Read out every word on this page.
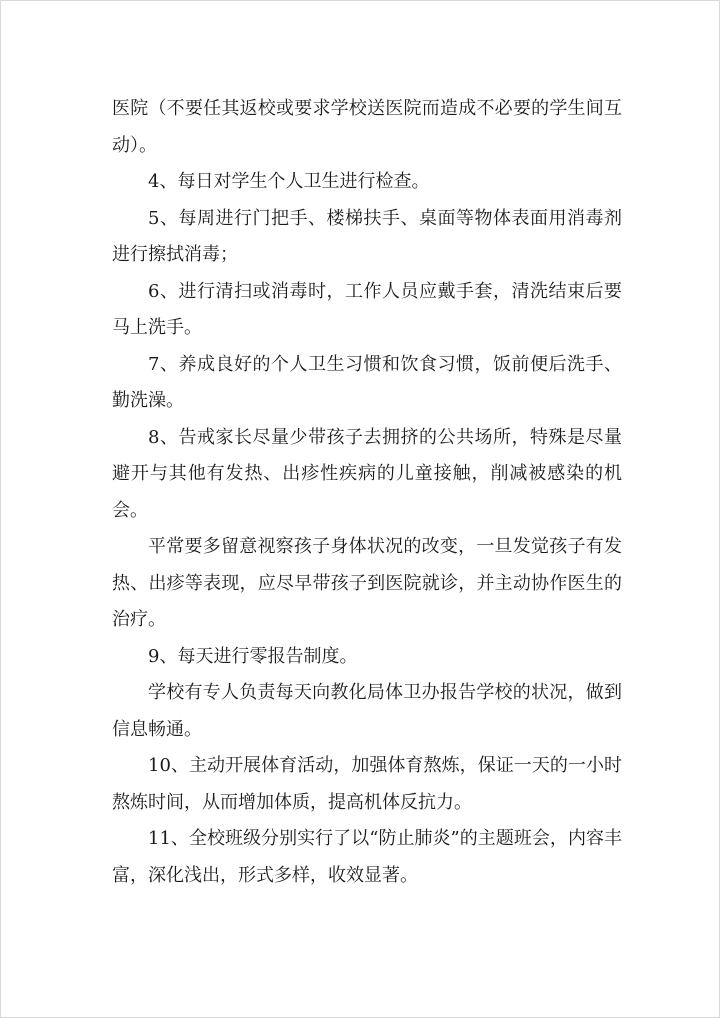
医院（不要任其返校或要求学校送医院而造成不必要的学生间互动）。

4、每日对学生个人卫生进行检查。

5、每周进行门把手、楼梯扶手、桌面等物体表面用消毒剂进行擦拭消毒；

6、进行清扫或消毒时，工作人员应戴手套，清洗结束后要马上洗手。

7、养成良好的个人卫生习惯和饮食习惯，饭前便后洗手、勤洗澡。

8、告戒家长尽量少带孩子去拥挤的公共场所，特殊是尽量避开与其他有发热、出疹性疾病的儿童接触，削减被感染的机会。

平常要多留意视察孩子身体状况的改变，一旦发觉孩子有发热、出疹等表现，应尽早带孩子到医院就诊，并主动协作医生的治疗。

9、每天进行零报告制度。

学校有专人负责每天向教化局体卫办报告学校的状况，做到信息畅通。

10、主动开展体育活动，加强体育熬炼，保证一天的一小时熬炼时间，从而增加体质，提高机体反抗力。

11、全校班级分别实行了以“防止肺炎”的主题班会，内容丰富，深化浅出，形式多样，收效显著。
